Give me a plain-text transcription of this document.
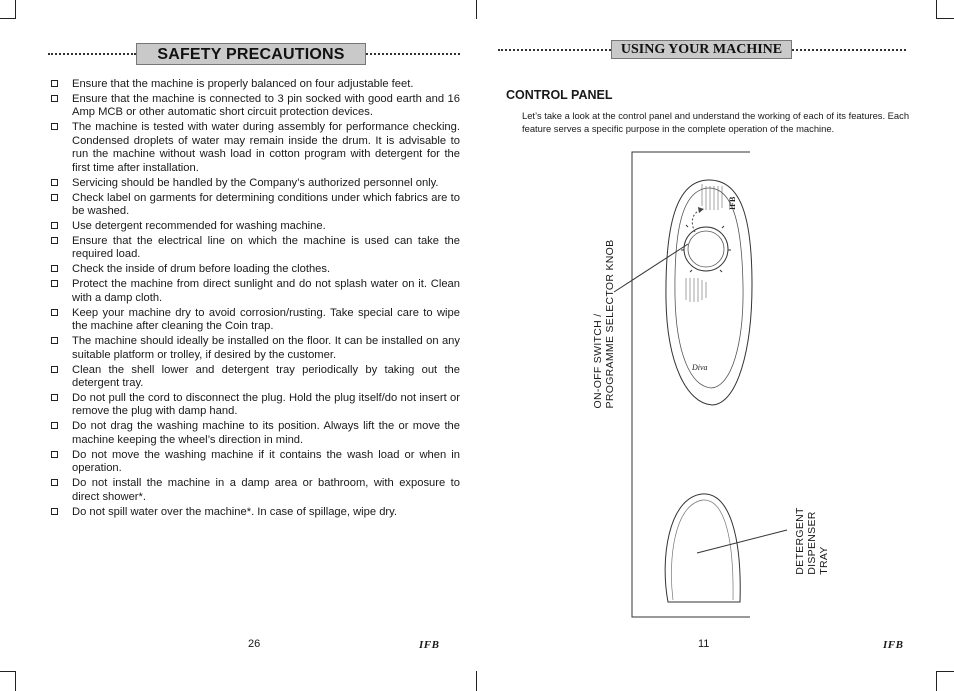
SAFETY PRECAUTIONS
Ensure that the machine is properly balanced on four adjustable feet.
Ensure that the machine is connected to 3 pin socked with good earth and 16 Amp MCB or other automatic short circuit protection devices.
The machine is tested with water during assembly for performance checking. Condensed droplets of water may remain inside the drum. It is advisable to run the machine without wash load in cotton program with detergent for the first time after installation.
Servicing should be handled by the Company’s authorized personnel only.
Check label on garments for determining conditions under which fabrics are to be washed.
Use detergent recommended for washing machine.
Ensure that the electrical line on which the machine is used can take the required load.
Check the inside of drum before loading the clothes.
Protect the machine from direct sunlight and do not splash water on it. Clean with a damp cloth.
Keep your machine dry to avoid corrosion/rusting. Take special care to wipe the machine after cleaning the Coin trap.
The machine should ideally be installed on the floor. It can be installed on any suitable platform or trolley, if desired by the customer.
Clean the shell lower and detergent tray periodically by taking out the detergent tray.
Do not pull the cord to disconnect the plug. Hold the plug itself/do not insert or remove the plug with damp hand.
Do not drag the washing machine to its position. Always lift the or move the machine keeping the wheel’s direction in mind.
Do not move the washing machine if it contains the wash load or when in operation.
Do not install the machine in a damp area or bathroom, with exposure to direct shower*.
Do not spill water over the machine*. In case of spillage, wipe dry.
26	IFB
USING YOUR MACHINE
CONTROL PANEL
Let’s take a look at the control panel and understand the working of each of its features. Each feature serves a specific purpose in the complete operation of the machine.
IFB
Diva
ON-OFF SWITCH / PROGRAMME SELECTOR KNOB
DETERGENT DISPENSER TRAY
11	IFB
